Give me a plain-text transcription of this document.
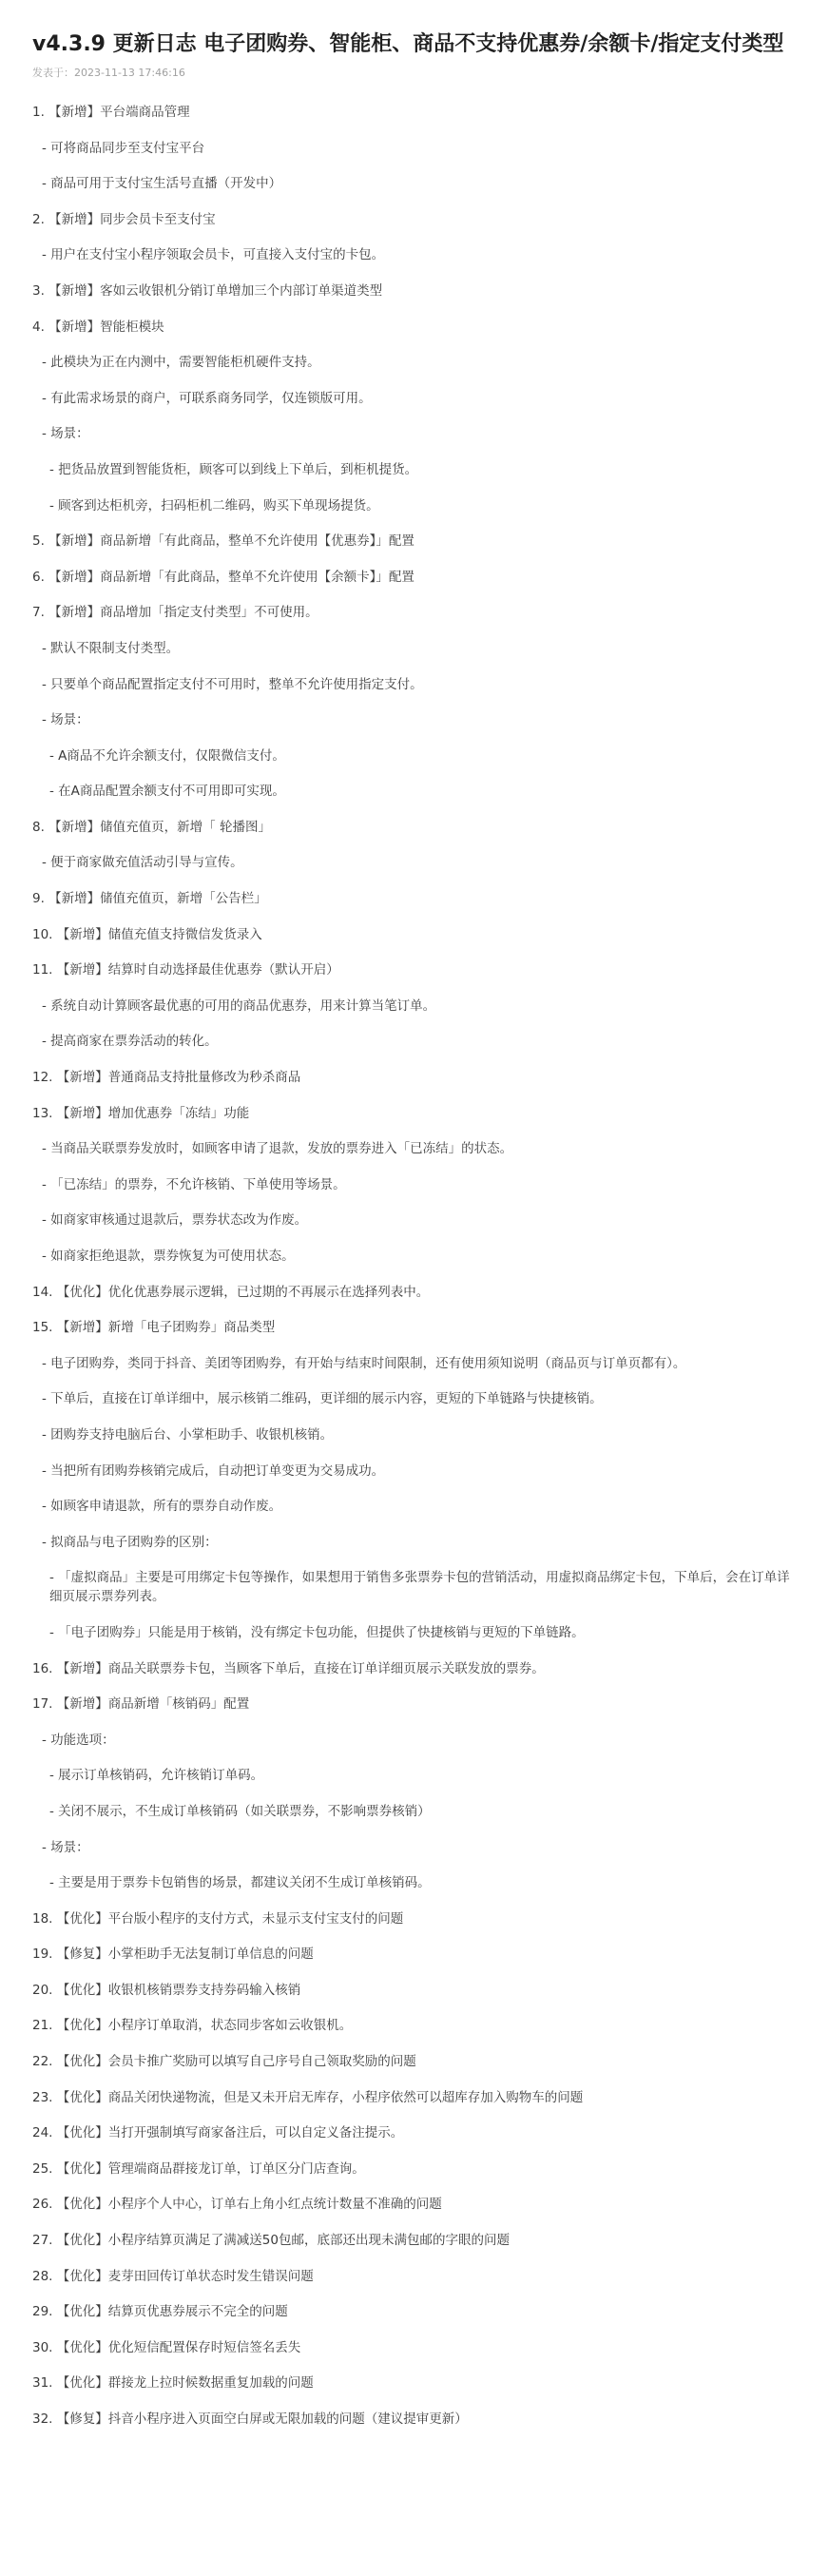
v4.3.9 更新日志 电子团购券、智能柜、商品不支持优惠券/余额卡/指定支付类型
发表于：2023-11-13 17:46:16
1. 【新增】平台端商品管理
- 可将商品同步至支付宝平台
- 商品可用于支付宝生活号直播（开发中）
2. 【新增】同步会员卡至支付宝
- 用户在支付宝小程序领取会员卡，可直接入支付宝的卡包。
3. 【新增】客如云收银机分销订单增加三个内部订单渠道类型
4. 【新增】智能柜模块
- 此模块为正在内测中，需要智能柜机硬件支持。
- 有此需求场景的商户，可联系商务同学，仅连锁版可用。
- 场景：
- 把货品放置到智能货柜，顾客可以到线上下单后，到柜机提货。
- 顾客到达柜机旁，扫码柜机二维码，购买下单现场提货。
5. 【新增】商品新增「有此商品，整单不允许使用【优惠券】」配置
6. 【新增】商品新增「有此商品，整单不允许使用【余额卡】」配置
7. 【新增】商品增加「指定支付类型」不可使用。
- 默认不限制支付类型。
- 只要单个商品配置指定支付不可用时，整单不允许使用指定支付。
- 场景：
- A商品不允许余额支付，仅限微信支付。
- 在A商品配置余额支付不可用即可实现。
8. 【新增】储值充值页，新增「 轮播图」
- 便于商家做充值活动引导与宣传。
9. 【新增】储值充值页，新增「公告栏」
10. 【新增】储值充值支持微信发货录入
11. 【新增】结算时自动选择最佳优惠券（默认开启）
- 系统自动计算顾客最优惠的可用的商品优惠券，用来计算当笔订单。
- 提高商家在票券活动的转化。
12. 【新增】普通商品支持批量修改为秒杀商品
13. 【新增】增加优惠券「冻结」功能
- 当商品关联票券发放时，如顾客申请了退款，发放的票券进入「已冻结」的状态。
- 「已冻结」的票券，不允许核销、下单使用等场景。
- 如商家审核通过退款后，票券状态改为作废。
- 如商家拒绝退款，票券恢复为可使用状态。
14. 【优化】优化优惠券展示逻辑，已过期的不再展示在选择列表中。
15. 【新增】新增「电子团购券」商品类型
- 电子团购券，类同于抖音、美团等团购券，有开始与结束时间限制，还有使用须知说明（商品页与订单页都有）。
- 下单后，直接在订单详细中，展示核销二维码，更详细的展示内容，更短的下单链路与快捷核销。
- 团购券支持电脑后台、小掌柜助手、收银机核销。
- 当把所有团购券核销完成后，自动把订单变更为交易成功。
- 如顾客申请退款，所有的票券自动作废。
- 拟商品与电子团购券的区别：
- 「虚拟商品」主要是可用绑定卡包等操作，如果想用于销售多张票券卡包的营销活动，用虚拟商品绑定卡包，下单后，会在订单详细页展示票券列表。
- 「电子团购券」只能是用于核销，没有绑定卡包功能，但提供了快捷核销与更短的下单链路。
16. 【新增】商品关联票券卡包，当顾客下单后，直接在订单详细页展示关联发放的票券。
17. 【新增】商品新增「核销码」配置
- 功能选项：
- 展示订单核销码，允许核销订单码。
- 关闭不展示，不生成订单核销码（如关联票券，不影响票券核销）
- 场景：
- 主要是用于票券卡包销售的场景，都建议关闭不生成订单核销码。
18. 【优化】平台版小程序的支付方式，未显示支付宝支付的问题
19. 【修复】小掌柜助手无法复制订单信息的问题
20. 【优化】收银机核销票券支持券码输入核销
21. 【优化】小程序订单取消，状态同步客如云收银机。
22. 【优化】会员卡推广奖励可以填写自己序号自己领取奖励的问题
23. 【优化】商品关闭快递物流，但是又未开启无库存，小程序依然可以超库存加入购物车的问题
24. 【优化】当打开强制填写商家备注后，可以自定义备注提示。
25. 【优化】管理端商品群接龙订单，订单区分门店查询。
26. 【优化】小程序个人中心，订单右上角小红点统计数量不准确的问题
27. 【优化】小程序结算页满足了满减送50包邮，底部还出现未满包邮的字眼的问题
28. 【优化】麦芽田回传订单状态时发生错误问题
29. 【优化】结算页优惠券展示不完全的问题
30. 【优化】优化短信配置保存时短信签名丢失
31. 【优化】群接龙上拉时候数据重复加载的问题
32. 【修复】抖音小程序进入页面空白屏或无限加载的问题（建议提审更新）
